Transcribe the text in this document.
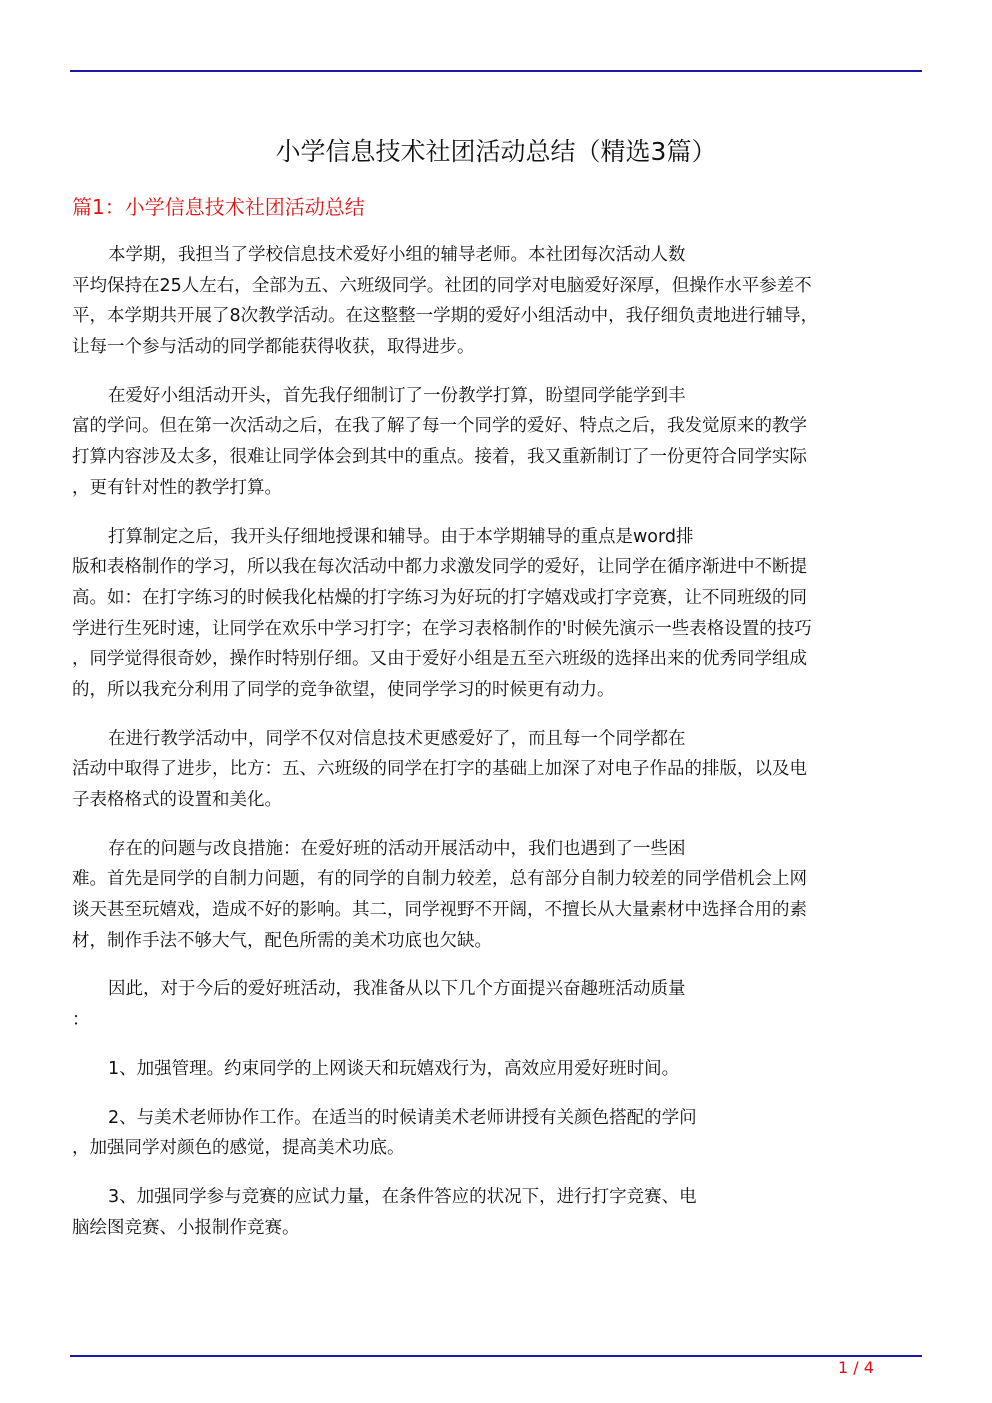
小学信息技术社团活动总结（精选3篇）
篇1：小学信息技术社团活动总结
本学期，我担当了学校信息技术爱好小组的辅导老师。本社团每次活动人数
平均保持在25人左右，全部为五、六班级同学。社团的同学对电脑爱好深厚，但操作水平参差不
平，本学期共开展了8次教学活动。在这整整一学期的爱好小组活动中，我仔细负责地进行辅导，
让每一个参与活动的同学都能获得收获，取得进步。
在爱好小组活动开头，首先我仔细制订了一份教学打算，盼望同学能学到丰
富的学问。但在第一次活动之后，在我了解了每一个同学的爱好、特点之后，我发觉原来的教学
打算内容涉及太多，很难让同学体会到其中的重点。接着，我又重新制订了一份更符合同学实际
，更有针对性的教学打算。
打算制定之后，我开头仔细地授课和辅导。由于本学期辅导的重点是word排
版和表格制作的学习，所以我在每次活动中都力求激发同学的爱好，让同学在循序渐进中不断提
高。如：在打字练习的时候我化枯燥的打字练习为好玩的打字嬉戏或打字竞赛，让不同班级的同
学进行生死时速，让同学在欢乐中学习打字；在学习表格制作的'时候先演示一些表格设置的技巧
，同学觉得很奇妙，操作时特别仔细。又由于爱好小组是五至六班级的选择出来的优秀同学组成
的，所以我充分利用了同学的竞争欲望，使同学学习的时候更有动力。
在进行教学活动中，同学不仅对信息技术更感爱好了，而且每一个同学都在
活动中取得了进步，比方：五、六班级的同学在打字的基础上加深了对电子作品的排版，以及电
子表格格式的设置和美化。
存在的问题与改良措施：在爱好班的活动开展活动中，我们也遇到了一些困
难。首先是同学的自制力问题，有的同学的自制力较差，总有部分自制力较差的同学借机会上网
谈天甚至玩嬉戏，造成不好的影响。其二，同学视野不开阔，不擅长从大量素材中选择合用的素
材，制作手法不够大气，配色所需的美术功底也欠缺。
因此，对于今后的爱好班活动，我准备从以下几个方面提兴奋趣班活动质量
：
1、加强管理。约束同学的上网谈天和玩嬉戏行为，高效应用爱好班时间。
2、与美术老师协作工作。在适当的时候请美术老师讲授有关颜色搭配的学问
，加强同学对颜色的感觉，提高美术功底。
3、加强同学参与竞赛的应试力量，在条件答应的状况下，进行打字竞赛、电
脑绘图竞赛、小报制作竞赛。
1 / 4
